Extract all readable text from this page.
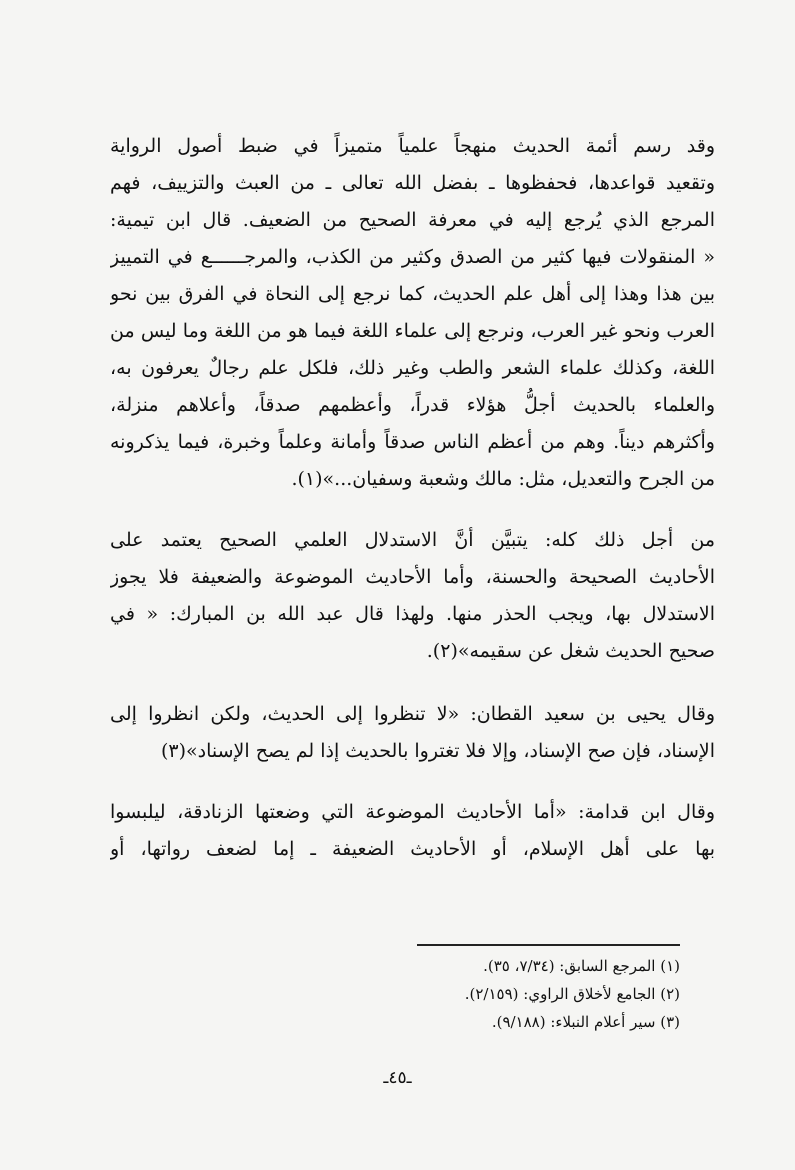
وقد رسم أئمة الحديث منهجاً علمياً متميزاً في ضبط أصول الرواية
وتقعيد قواعدها، فحفظوها ـ بفضل الله تعالى ـ من العبث والتزييف، فهم
المرجع الذي يُرجع إليه في معرفة الصحيح من الضعيف. قال ابن تيمية:
« المنقولات فيها كثير من الصدق وكثير من الكذب، والمرجــــــع في التمييز
بين هذا وهذا إلى أهل علم الحديث، كما نرجع إلى النحاة في الفرق بين نحو
العرب ونحو غير العرب، ونرجع إلى علماء اللغة فيما هو من اللغة وما ليس من
اللغة، وكذلك علماء الشعر والطب وغير ذلك، فلكل علم رجالٌ يعرفون به،
والعلماء بالحديث أجلُّ هؤلاء قدراً، وأعظمهم صدقاً، وأعلاهم منزلة،
وأكثرهم ديناً. وهم من أعظم الناس صدقاً وأمانة وعلماً وخبرة، فيما يذكرونه
من الجرح والتعديل، مثل: مالك وشعبة وسفيان...»(١).

من أجل ذلك كله: يتبيَّن أنَّ الاستدلال العلمي الصحيح يعتمد على
الأحاديث الصحيحة والحسنة، وأما الأحاديث الموضوعة والضعيفة فلا يجوز
الاستدلال بها، ويجب الحذر منها. ولهذا قال عبد الله بن المبارك: « في
صحيح الحديث شغل عن سقيمه»(٢).

وقال يحيى بن سعيد القطان: «لا تنظروا إلى الحديث، ولكن انظروا إلى
الإسناد، فإن صح الإسناد، وإلا فلا تغتروا بالحديث إذا لم يصح الإسناد»(٣)

وقال ابن قدامة: «أما الأحاديث الموضوعة التي وضعتها الزنادقة، ليلبسوا
بها على أهل الإسلام، أو الأحاديث الضعيفة ـ إما لضعف رواتها، أو

(١) المرجع السابق: (٧/٣٤، ٣٥).
(٢) الجامع لأخلاق الراوي: (٢/١٥٩).
(٣) سير أعلام النبلاء: (٩/١٨٨).
ـ٤٥ـ
